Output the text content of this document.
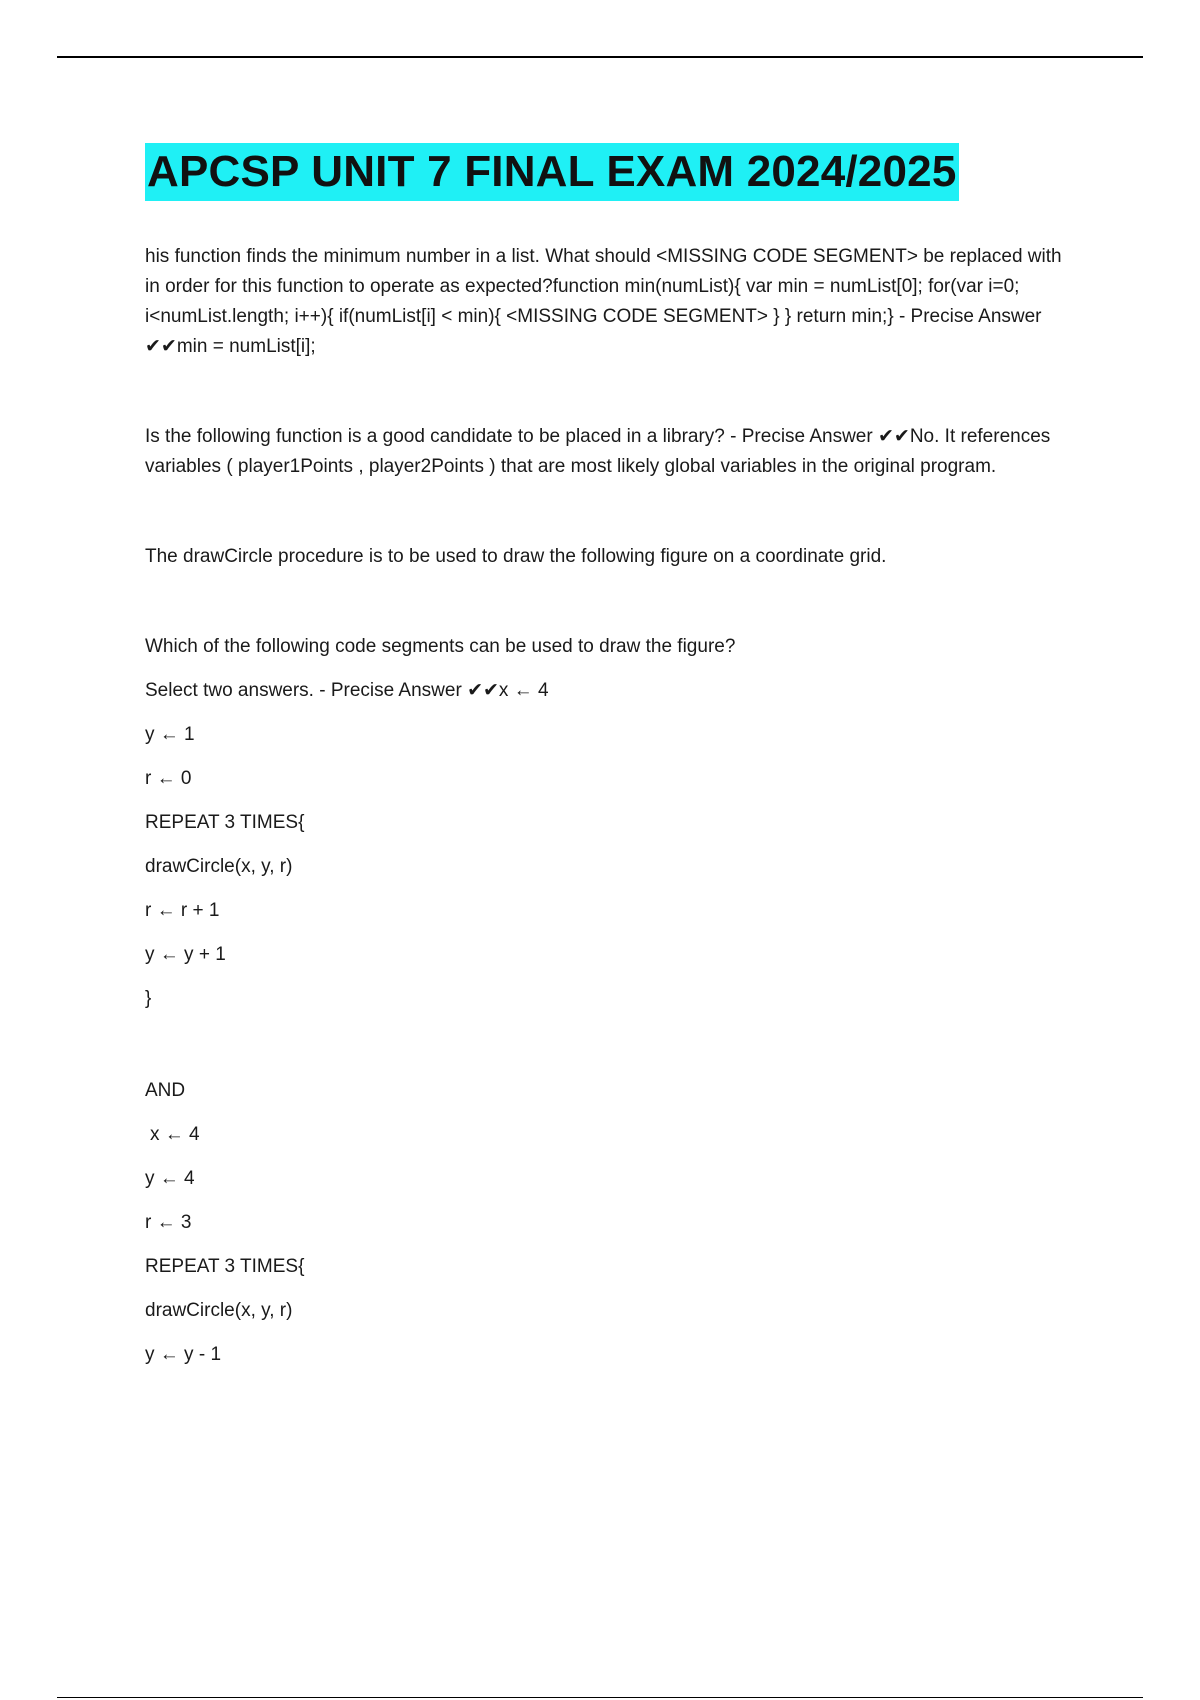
APCSP UNIT 7 FINAL EXAM 2024/2025

his function finds the minimum number in a list. What should <MISSING CODE SEGMENT> be replaced with in order for this function to operate as expected?function min(numList){ var min = numList[0]; for(var i=0; i<numList.length; i++){ if(numList[i] < min){ <MISSING CODE SEGMENT> } } return min;} - Precise Answer ✔✔min = numList[i];

Is the following function is a good candidate to be placed in a library? - Precise Answer ✔✔No. It references variables ( player1Points , player2Points ) that are most likely global variables in the original program.

The drawCircle procedure is to be used to draw the following figure on a coordinate grid.

Which of the following code segments can be used to draw the figure?

Select two answers. - Precise Answer ✔✔x ← 4

y ← 1

r ← 0

REPEAT 3 TIMES{

drawCircle(x, y, r)

r ← r + 1

y ← y + 1

}

AND

x ← 4

y ← 4

r ← 3

REPEAT 3 TIMES{

drawCircle(x, y, r)

y ← y - 1
